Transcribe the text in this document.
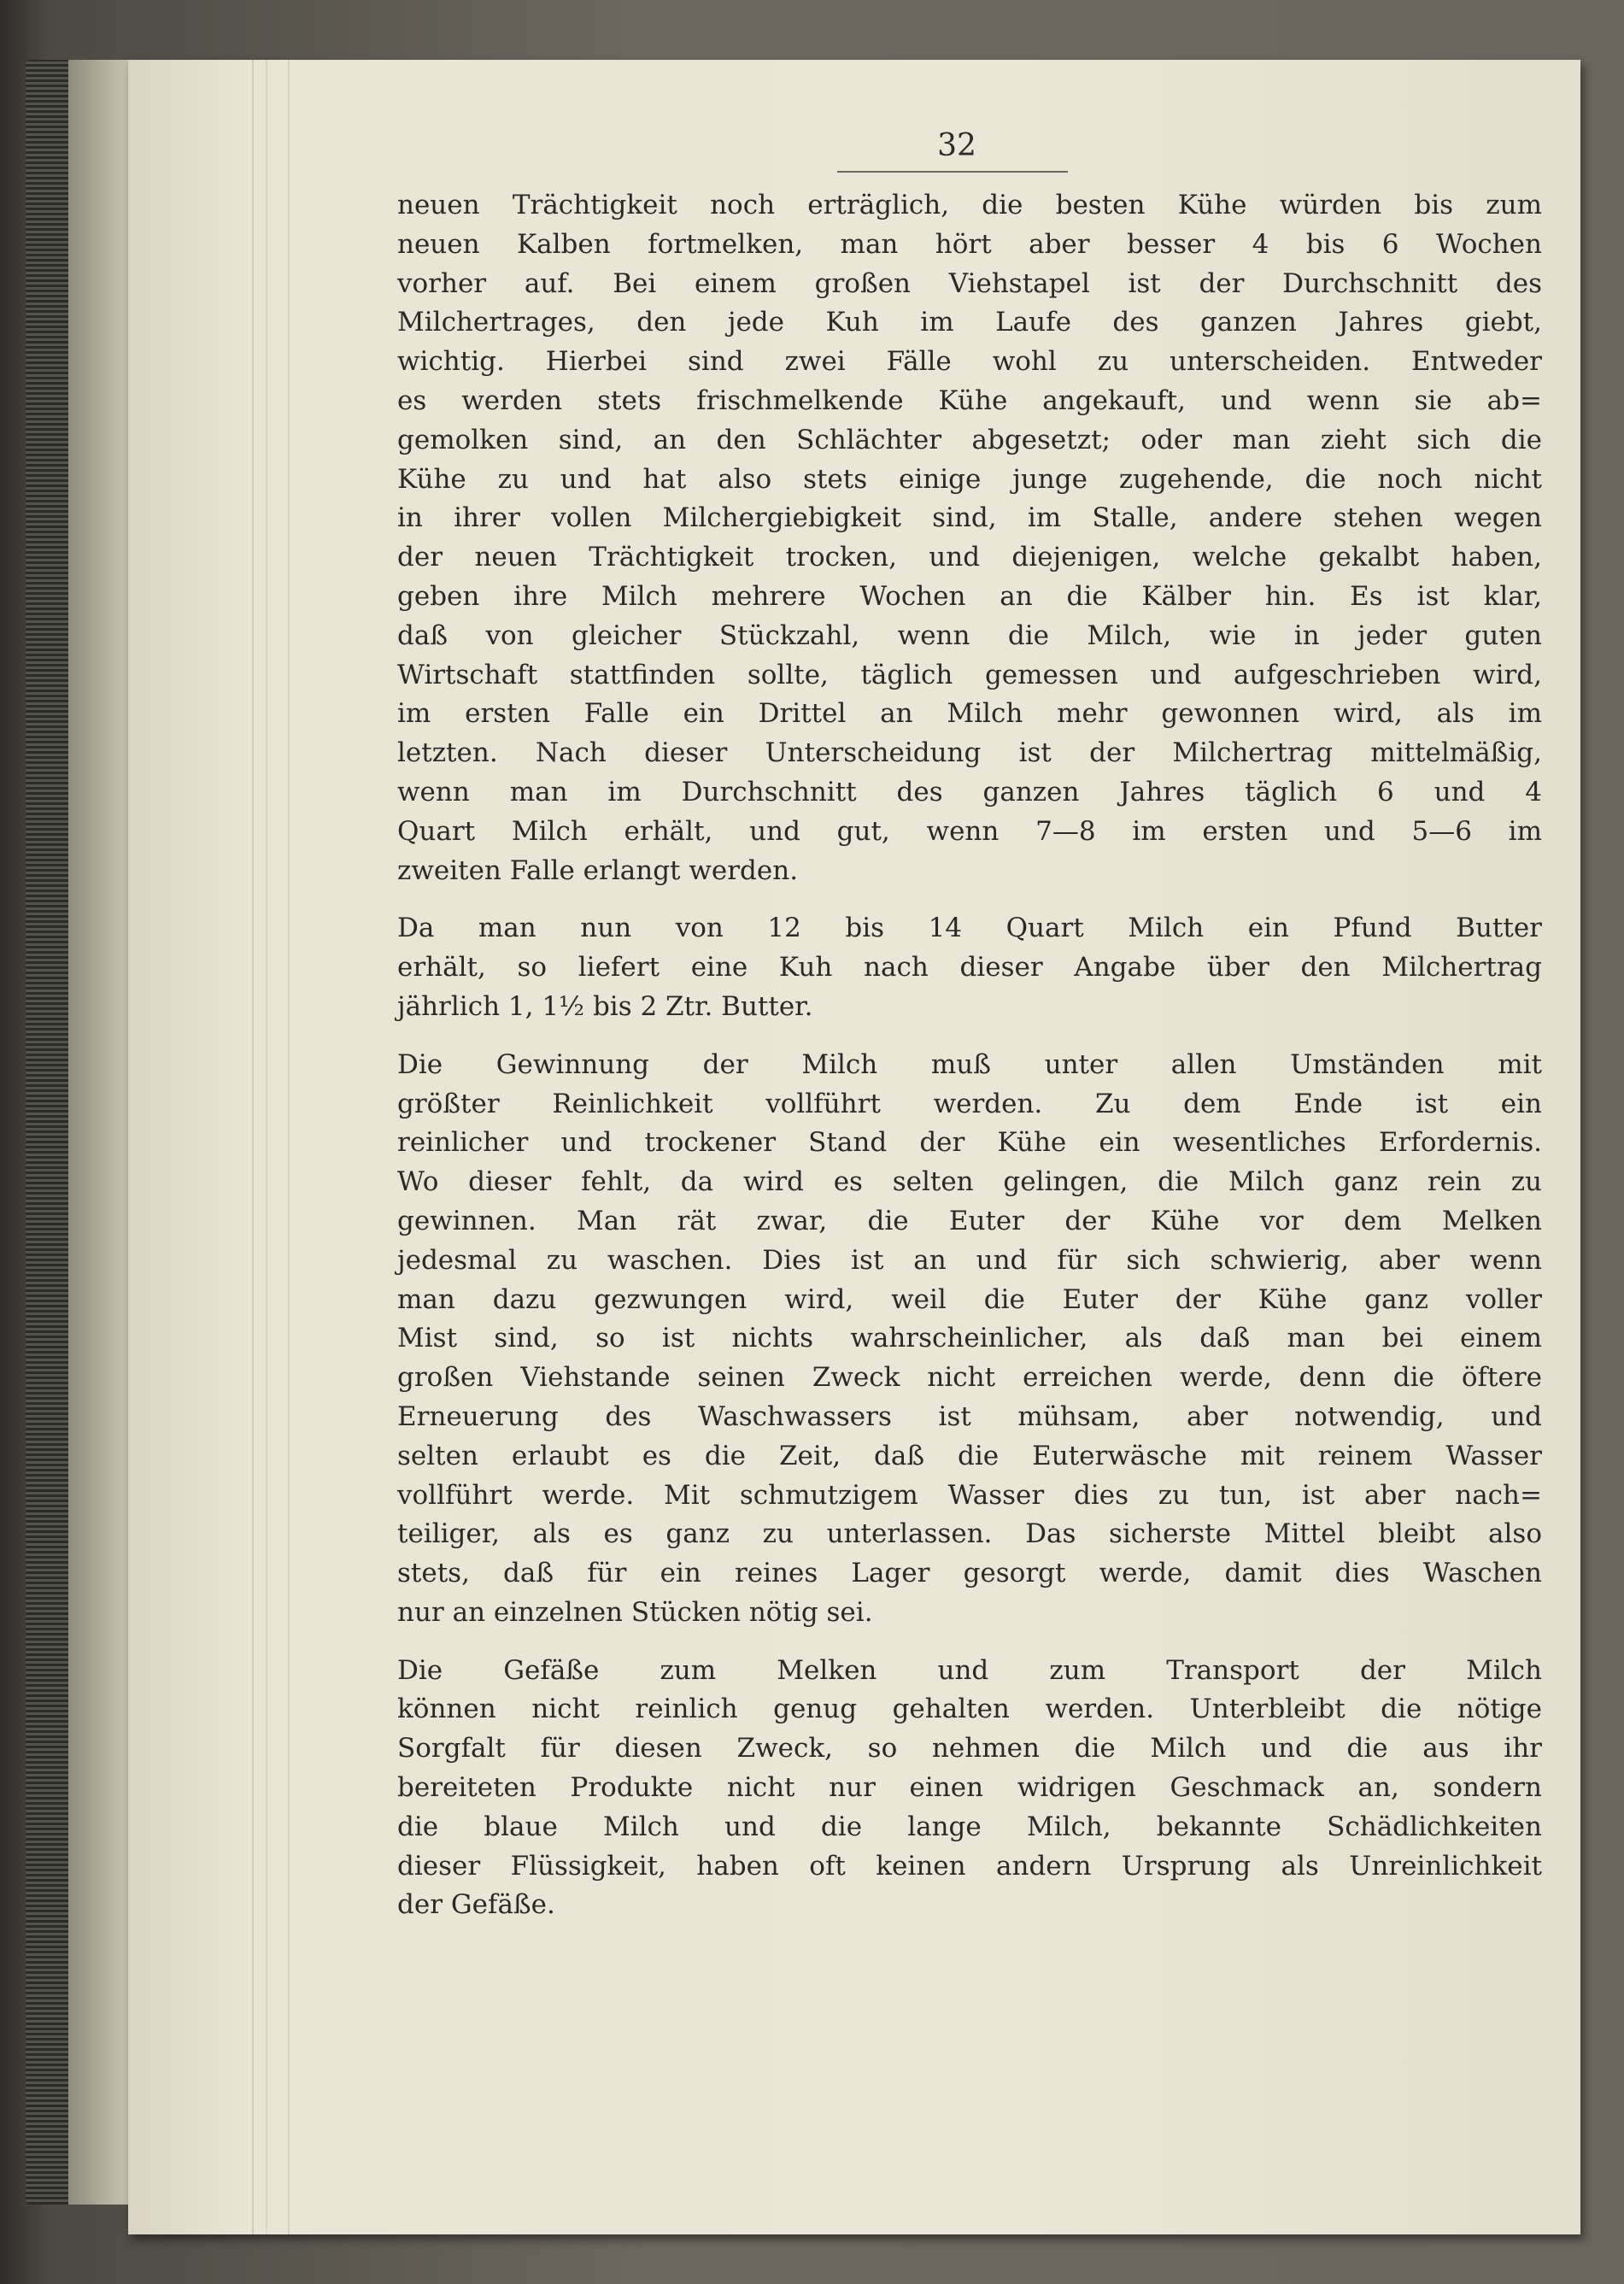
32
neuen Trächtigkeit noch erträglich, die besten Kühe würden bis zum
neuen Kalben fortmelken, man hört aber besser 4 bis 6 Wochen
vorher auf. Bei einem großen Viehstapel ist der Durchschnitt des
Milchertrages, den jede Kuh im Laufe des ganzen Jahres giebt,
wichtig. Hierbei sind zwei Fälle wohl zu unterscheiden. Entweder
es werden stets frischmelkende Kühe angekauft, und wenn sie ab=
gemolken sind, an den Schlächter abgesetzt; oder man zieht sich die
Kühe zu und hat also stets einige junge zugehende, die noch nicht
in ihrer vollen Milchergiebigkeit sind, im Stalle, andere stehen wegen
der neuen Trächtigkeit trocken, und diejenigen, welche gekalbt haben,
geben ihre Milch mehrere Wochen an die Kälber hin. Es ist klar,
daß von gleicher Stückzahl, wenn die Milch, wie in jeder guten
Wirtschaft stattfinden sollte, täglich gemessen und aufgeschrieben wird,
im ersten Falle ein Drittel an Milch mehr gewonnen wird, als im
letzten. Nach dieser Unterscheidung ist der Milchertrag mittelmäßig,
wenn man im Durchschnitt des ganzen Jahres täglich 6 und 4
Quart Milch erhält, und gut, wenn 7—8 im ersten und 5—6 im
zweiten Falle erlangt werden.
Da man nun von 12 bis 14 Quart Milch ein Pfund Butter
erhält, so liefert eine Kuh nach dieser Angabe über den Milchertrag
jährlich 1, 1½ bis 2 Ztr. Butter.
Die Gewinnung der Milch muß unter allen Umständen mit
größter Reinlichkeit vollführt werden. Zu dem Ende ist ein
reinlicher und trockener Stand der Kühe ein wesentliches Erfordernis.
Wo dieser fehlt, da wird es selten gelingen, die Milch ganz rein zu
gewinnen. Man rät zwar, die Euter der Kühe vor dem Melken
jedesmal zu waschen. Dies ist an und für sich schwierig, aber wenn
man dazu gezwungen wird, weil die Euter der Kühe ganz voller
Mist sind, so ist nichts wahrscheinlicher, als daß man bei einem
großen Viehstande seinen Zweck nicht erreichen werde, denn die öftere
Erneuerung des Waschwassers ist mühsam, aber notwendig, und
selten erlaubt es die Zeit, daß die Euterwäsche mit reinem Wasser
vollführt werde. Mit schmutzigem Wasser dies zu tun, ist aber nach=
teiliger, als es ganz zu unterlassen. Das sicherste Mittel bleibt also
stets, daß für ein reines Lager gesorgt werde, damit dies Waschen
nur an einzelnen Stücken nötig sei.
Die Gefäße zum Melken und zum Transport der Milch
können nicht reinlich genug gehalten werden. Unterbleibt die nötige
Sorgfalt für diesen Zweck, so nehmen die Milch und die aus ihr
bereiteten Produkte nicht nur einen widrigen Geschmack an, sondern
die blaue Milch und die lange Milch, bekannte Schädlichkeiten
dieser Flüssigkeit, haben oft keinen andern Ursprung als Unreinlichkeit
der Gefäße.
